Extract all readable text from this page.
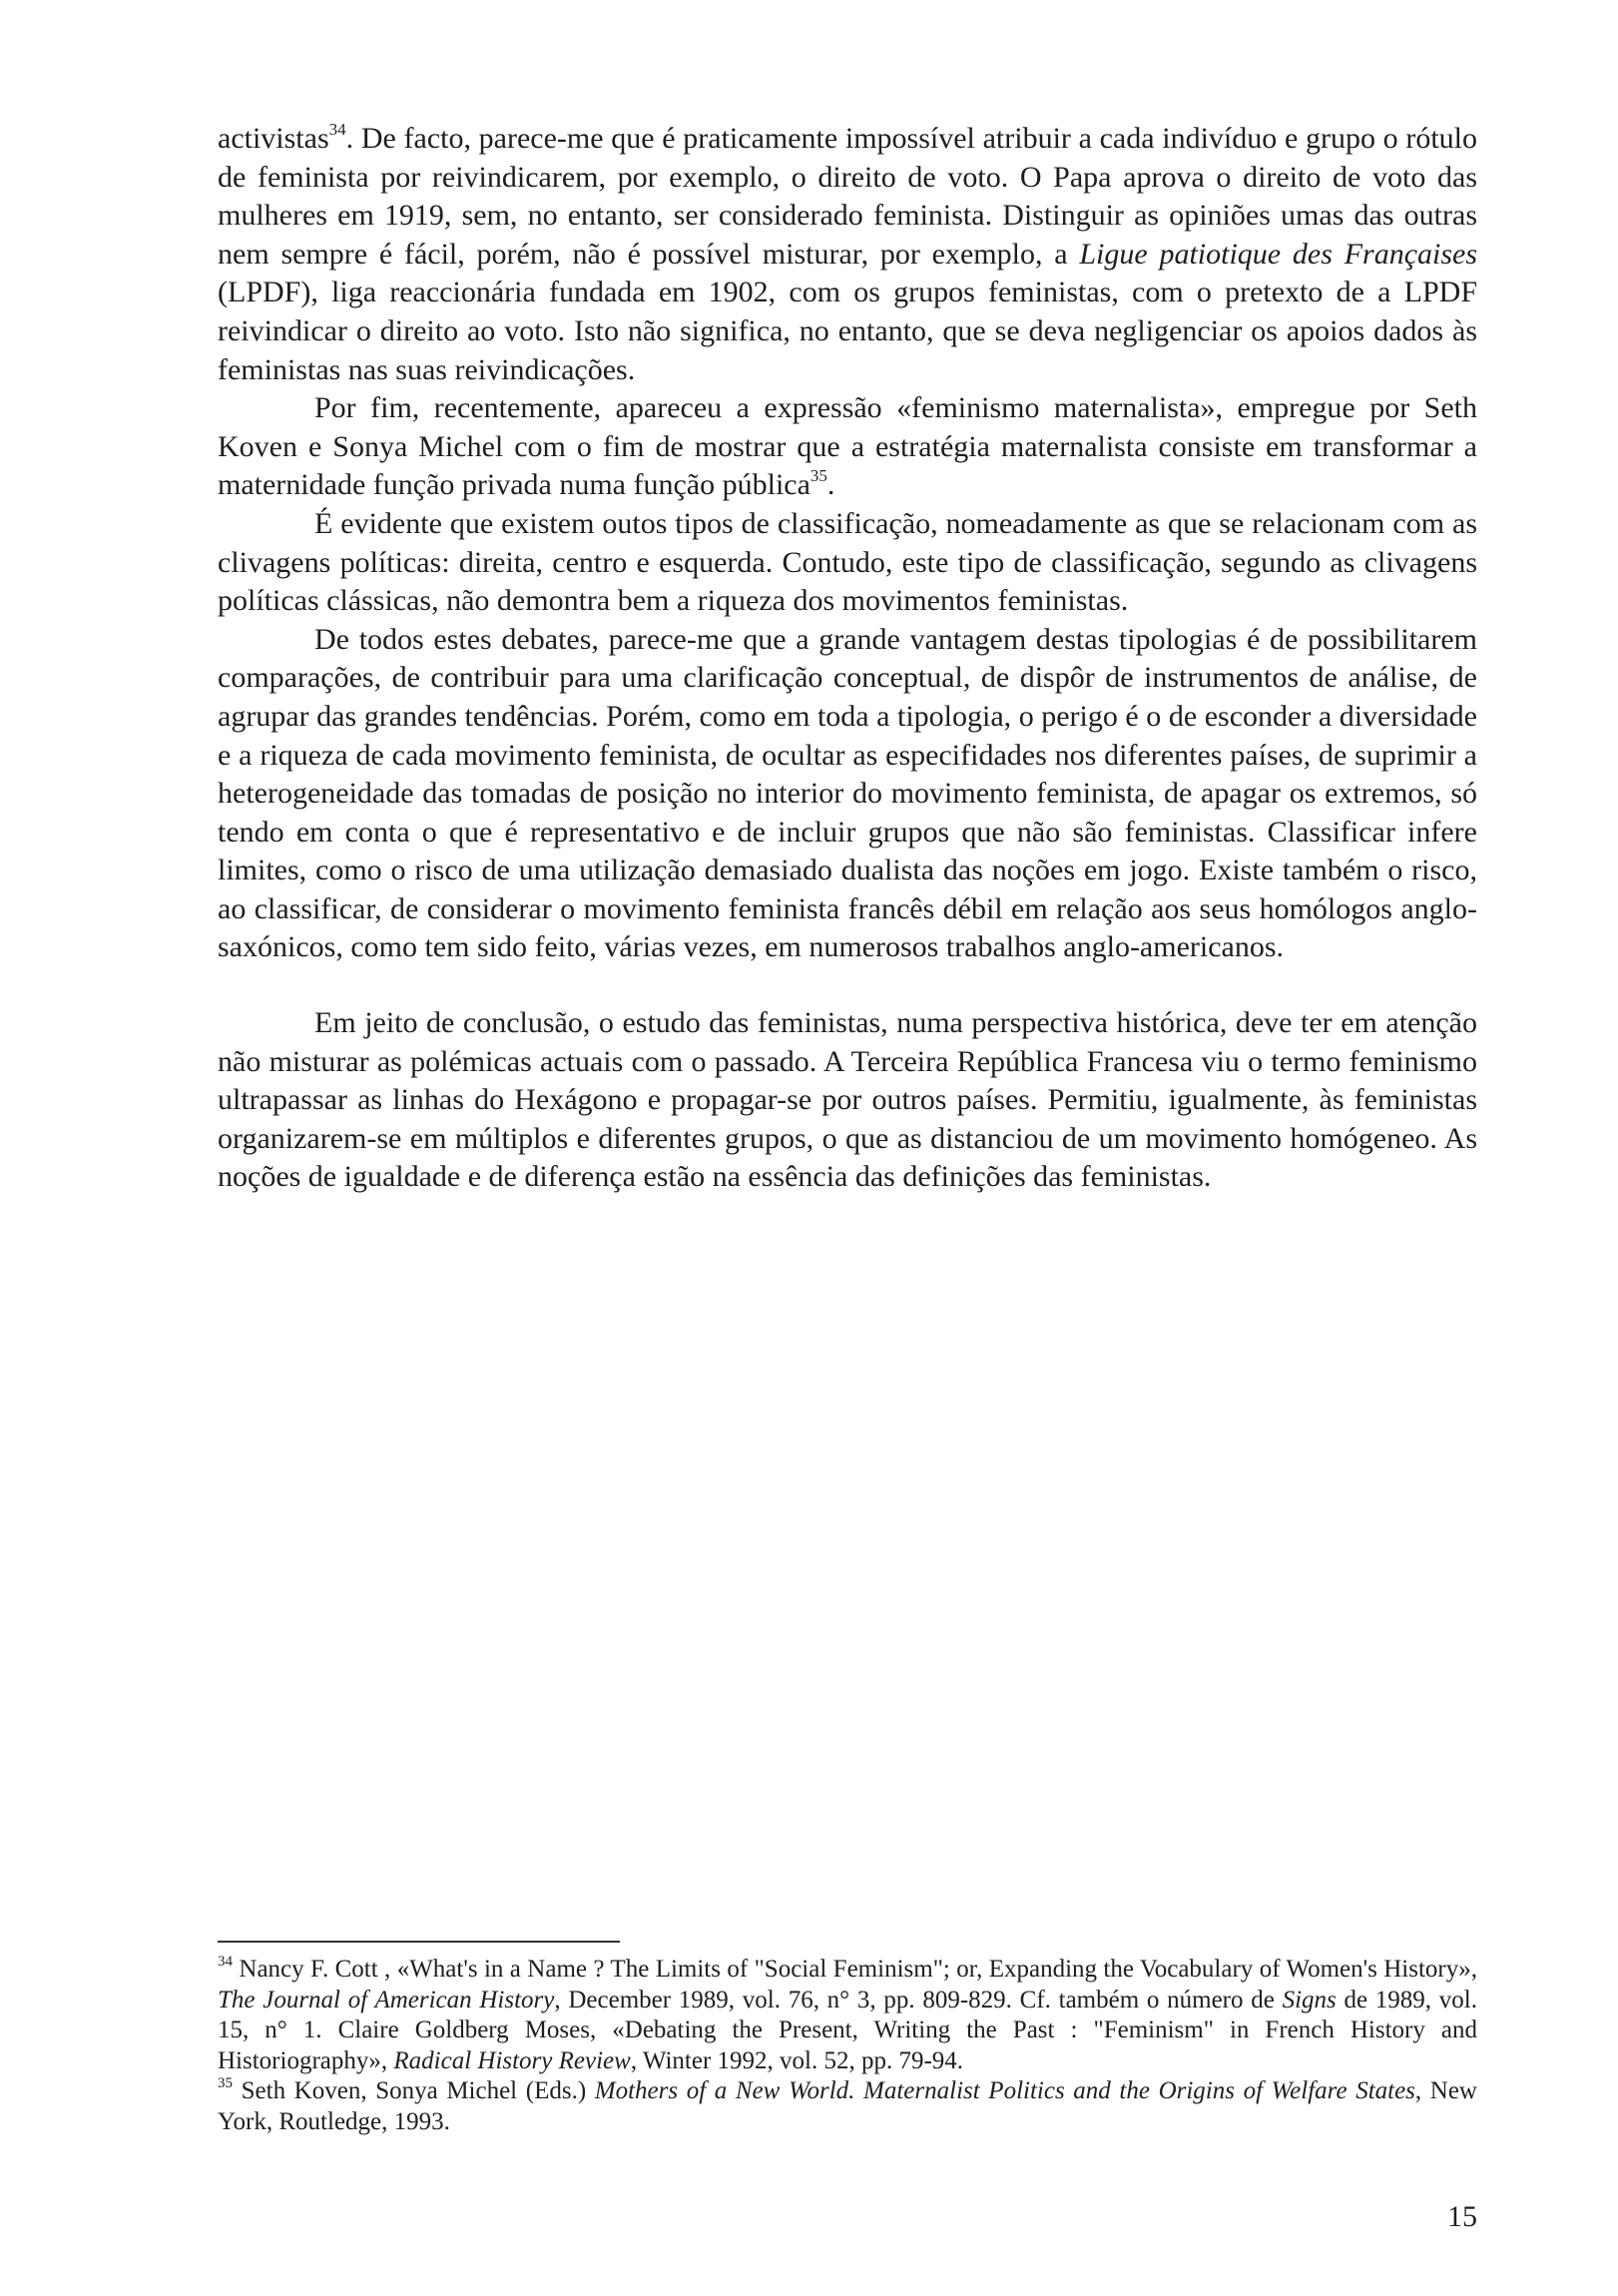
activistas$^{34}$. De facto, parece-me que é praticamente impossível atribuir a cada indivíduo e grupo o rótulo de feminista por reivindicarem, por exemplo, o direito de voto. O Papa aprova o direito de voto das mulheres em 1919, sem, no entanto, ser considerado feminista. Distinguir as opiniões umas das outras nem sempre é fácil, porém, não é possível misturar, por exemplo, a Ligue patiotique des Françaises (LPDF), liga reaccionária fundada em 1902, com os grupos feministas, com o pretexto de a LPDF reivindicar o direito ao voto. Isto não significa, no entanto, que se deva negligenciar os apoios dados às feministas nas suas reivindicações.

Por fim, recentemente, apareceu a expressão «feminismo maternalista», empregue por Seth Koven e Sonya Michel com o fim de mostrar que a estratégia maternalista consiste em transformar a maternidade função privada numa função pública$^{35}$.

É evidente que existem outos tipos de classificação, nomeadamente as que se relacionam com as clivagens políticas: direita, centro e esquerda. Contudo, este tipo de classificação, segundo as clivagens políticas clássicas, não demontra bem a riqueza dos movimentos feministas.

De todos estes debates, parece-me que a grande vantagem destas tipologias é de possibilitarem comparações, de contribuir para uma clarificação conceptual, de dispôr de instrumentos de análise, de agrupar das grandes tendências. Porém, como em toda a tipologia, o perigo é o de esconder a diversidade e a riqueza de cada movimento feminista, de ocultar as especifidades nos diferentes países, de suprimir a heterogeneidade das tomadas de posição no interior do movimento feminista, de apagar os extremos, só tendo em conta o que é representativo e de incluir grupos que não são feministas. Classificar infere limites, como o risco de uma utilização demasiado dualista das noções em jogo. Existe também o risco, ao classificar, de considerar o movimento feminista francês débil em relação aos seus homólogos anglo-saxónicos, como tem sido feito, várias vezes, em numerosos trabalhos anglo-americanos.

Em jeito de conclusão, o estudo das feministas, numa perspectiva histórica, deve ter em atenção não misturar as polémicas actuais com o passado. A Terceira República Francesa viu o termo feminismo ultrapassar as linhas do Hexágono e propagar-se por outros países. Permitiu, igualmente, às feministas organizarem-se em múltiplos e diferentes grupos, o que as distanciou de um movimento homógeneo. As noções de igualdade e de diferença estão na essência das definições das feministas.

$^{34}$ Nancy F. Cott , «What's in a Name ? The Limits of "Social Feminism"; or, Expanding the Vocabulary of Women's History», The Journal of American History, December 1989, vol. 76, n° 3, pp. 809-829. Cf. também o número de Signs de 1989, vol. 15, n° 1. Claire Goldberg Moses, «Debating the Present, Writing the Past : "Feminism" in French History and Historiography», Radical History Review, Winter 1992, vol. 52, pp. 79-94.

$^{35}$ Seth Koven, Sonya Michel (Eds.) Mothers of a New World. Maternalist Politics and the Origins of Welfare States, New York, Routledge, 1993.

15
